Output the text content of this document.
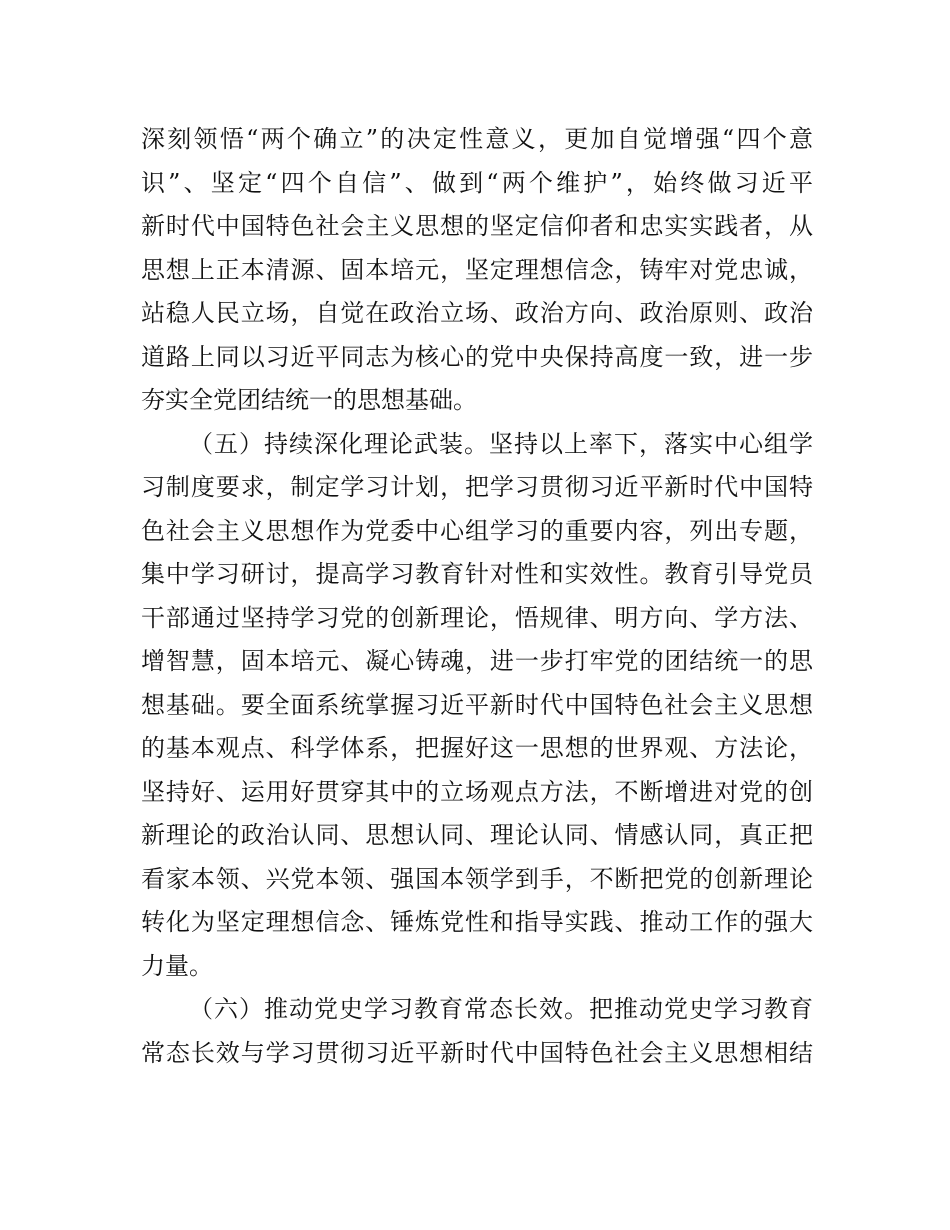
深刻领悟“两个确立”的决定性意义，更加自觉增强“四个意
识”、坚定“四个自信”、做到“两个维护”，始终做习近平
新时代中国特色社会主义思想的坚定信仰者和忠实实践者，从
思想上正本清源、固本培元，坚定理想信念，铸牢对党忠诚，
站稳人民立场，自觉在政治立场、政治方向、政治原则、政治
道路上同以习近平同志为核心的党中央保持高度一致，进一步
夯实全党团结统一的思想基础。
（五）持续深化理论武装。坚持以上率下，落实中心组学
习制度要求，制定学习计划，把学习贯彻习近平新时代中国特
色社会主义思想作为党委中心组学习的重要内容，列出专题，
集中学习研讨，提高学习教育针对性和实效性。教育引导党员
干部通过坚持学习党的创新理论，悟规律、明方向、学方法、
增智慧，固本培元、凝心铸魂，进一步打牢党的团结统一的思
想基础。要全面系统掌握习近平新时代中国特色社会主义思想
的基本观点、科学体系，把握好这一思想的世界观、方法论，
坚持好、运用好贯穿其中的立场观点方法，不断增进对党的创
新理论的政治认同、思想认同、理论认同、情感认同，真正把
看家本领、兴党本领、强国本领学到手，不断把党的创新理论
转化为坚定理想信念、锤炼党性和指导实践、推动工作的强大
力量。
（六）推动党史学习教育常态长效。把推动党史学习教育
常态长效与学习贯彻习近平新时代中国特色社会主义思想相结
